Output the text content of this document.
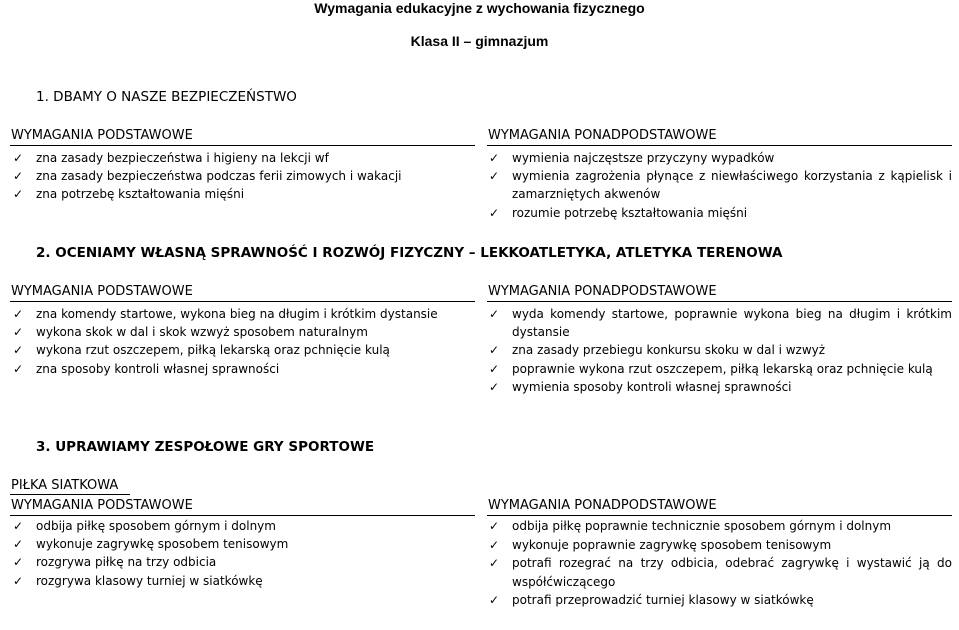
Wymagania edukacyjne z wychowania fizycznego
Klasa II – gimnazjum
1. DBAMY O NASZE BEZPIECZEŃSTWO
WYMAGANIA PODSTAWOWE
✓ zna zasady bezpieczeństwa i higieny na lekcji wf
✓ zna zasady bezpieczeństwa podczas ferii zimowych i wakacji
✓ zna potrzebę kształtowania mięśni
WYMAGANIA PONADPODSTAWOWE
✓ wymienia najczęstsze przyczyny wypadków
✓ wymienia zagrożenia płynące z niewłaściwego korzystania z kąpielisk i zamarzniętych akwenów
✓ rozumie potrzebę kształtowania mięśni
2. OCENIAMY WŁASNĄ SPRAWNOŚĆ I ROZWÓJ FIZYCZNY – LEKKOATLETYKA, ATLETYKA TERENOWA
WYMAGANIA PODSTAWOWE
✓ zna komendy startowe, wykona bieg na długim i krótkim dystansie
✓ wykona skok w dal i skok wzwyż sposobem naturalnym
✓ wykona rzut oszczepem, piłką lekarską oraz pchnięcie kulą
✓ zna sposoby kontroli własnej sprawności
WYMAGANIA PONADPODSTAWOWE
✓ wyda komendy startowe, poprawnie wykona bieg na długim i krótkim dystansie
✓ zna zasady przebiegu konkursu skoku w dal i wzwyż
✓ poprawnie wykona rzut oszczepem, piłką lekarską oraz pchnięcie kulą
✓ wymienia sposoby kontroli własnej sprawności
3. UPRAWIAMY ZESPOŁOWE GRY SPORTOWE
PIŁKA SIATKOWA
WYMAGANIA PODSTAWOWE
✓ odbija piłkę sposobem górnym i dolnym
✓ wykonuje zagrywkę sposobem tenisowym
✓ rozgrywa piłkę na trzy odbicia
✓ rozgrywa klasowy turniej w siatkówkę
WYMAGANIA PONADPODSTAWOWE
✓ odbija piłkę poprawnie technicznie sposobem górnym i dolnym
✓ wykonuje poprawnie zagrywkę sposobem tenisowym
✓ potrafi rozegrać na trzy odbicia, odebrać zagrywkę i wystawić ją do współćwiczącego
✓ potrafi przeprowadzić turniej klasowy w siatkówkę
